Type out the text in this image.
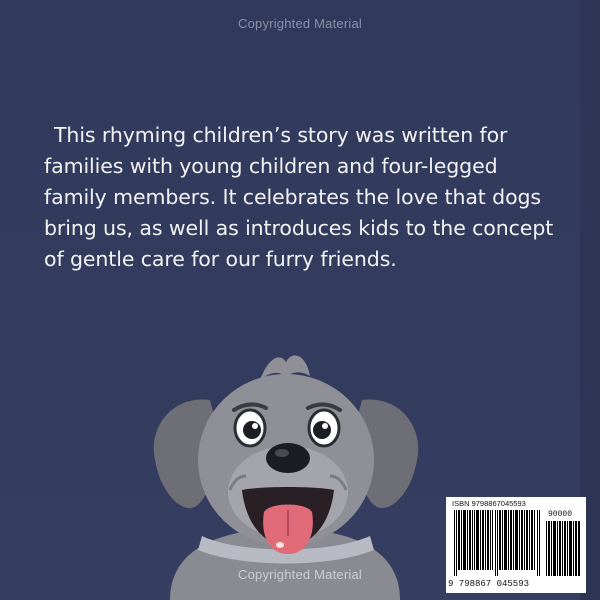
Copyrighted Material

This rhyming children’s story was written for families with young children and four-legged family members. It celebrates the love that dogs bring us, as well as introduces kids to the concept of gentle care for our furry friends.

Copyrighted Material
ISBN 9798867045593
90000
9 798867 045593
